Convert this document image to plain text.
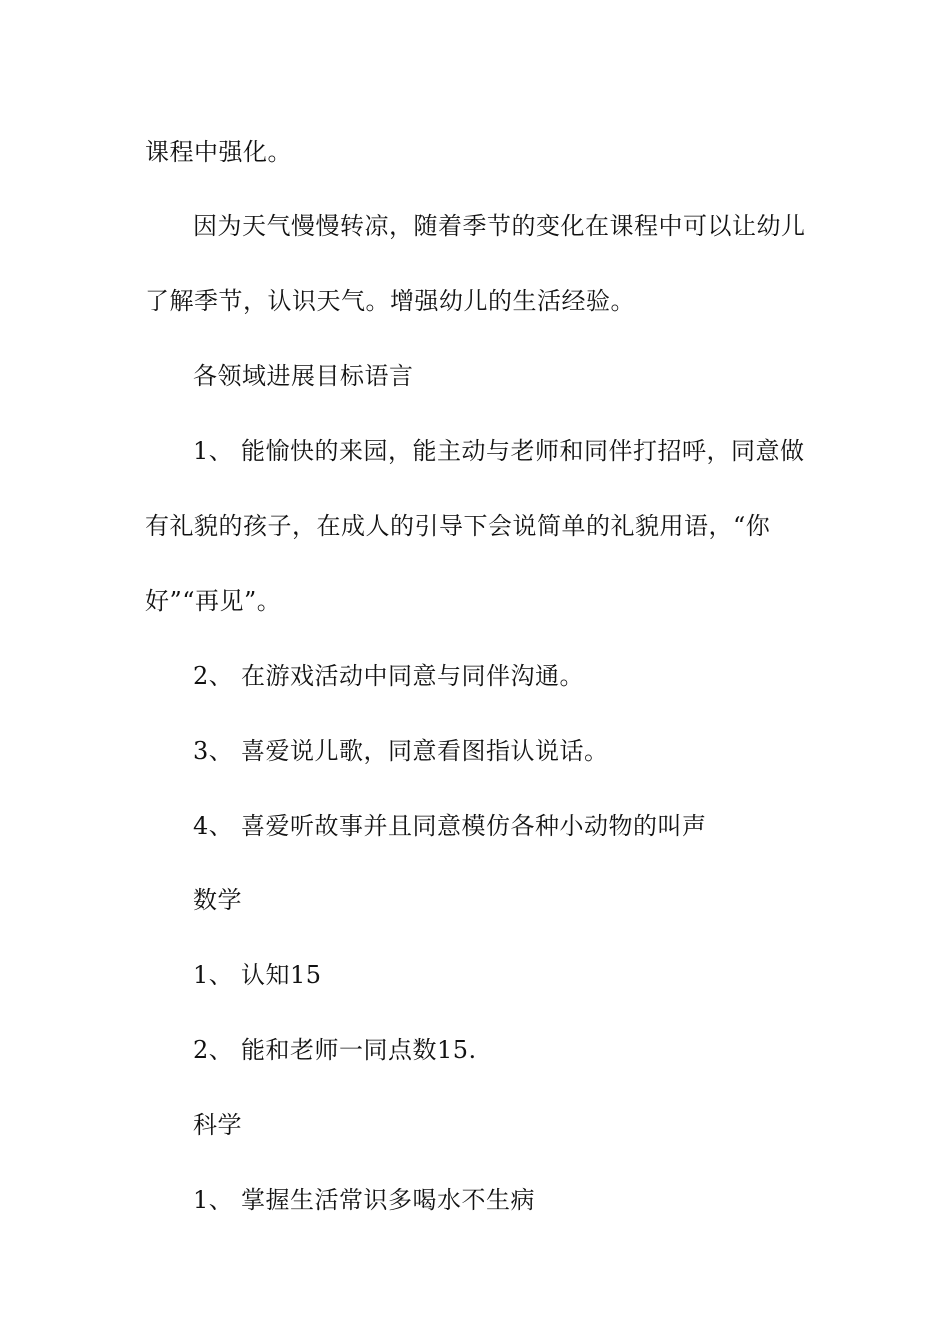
课程中强化。
因为天气慢慢转凉，随着季节的变化在课程中可以让幼儿
了解季节，认识天气。增强幼儿的生活经验。
各领域进展目标语言
1、 能愉快的来园，能主动与老师和同伴打招呼，同意做
有礼貌的孩子，在成人的引导下会说简单的礼貌用语，“你
好”“再见”。
2、 在游戏活动中同意与同伴沟通。
3、 喜爱说儿歌，同意看图指认说话。
4、 喜爱听故事并且同意模仿各种小动物的叫声
数学
1、 认知15
2、 能和老师一同点数15.
科学
1、 掌握生活常识多喝水不生病
